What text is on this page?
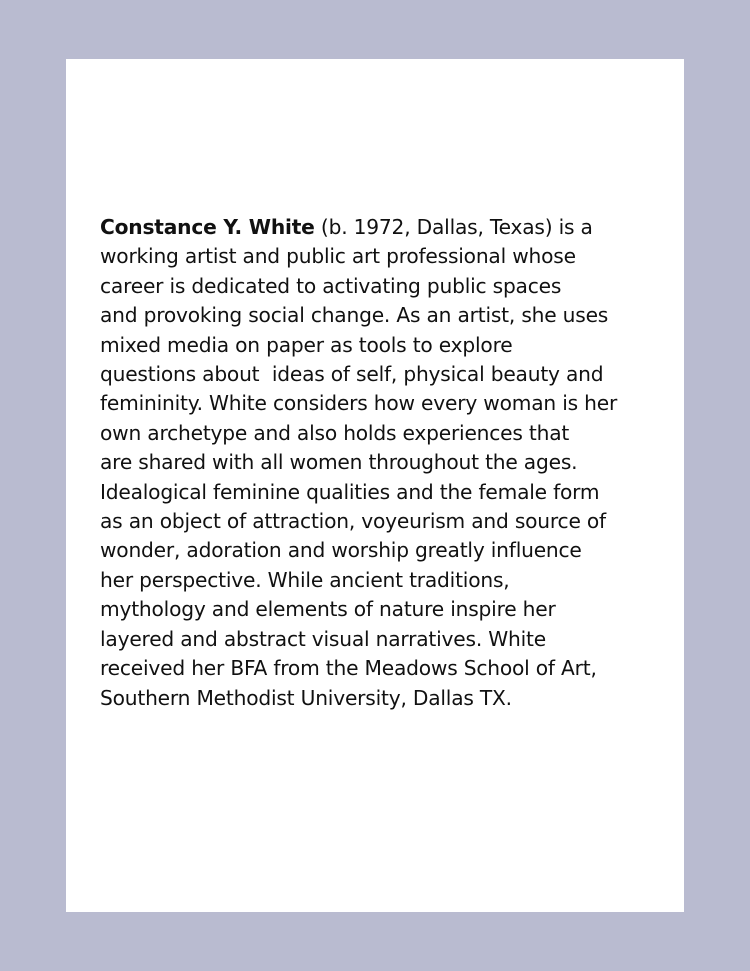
Constance Y. White (b. 1972, Dallas, Texas) is a
working artist and public art professional whose
career is dedicated to activating public spaces
and provoking social change. As an artist, she uses
mixed media on paper as tools to explore
questions about  ideas of self, physical beauty and
femininity. White considers how every woman is her
own archetype and also holds experiences that
are shared with all women throughout the ages.
Idealogical feminine qualities and the female form
as an object of attraction, voyeurism and source of
wonder, adoration and worship greatly influence
her perspective. While ancient traditions,
mythology and elements of nature inspire her
layered and abstract visual narratives. White
received her BFA from the Meadows School of Art,
Southern Methodist University, Dallas TX.
